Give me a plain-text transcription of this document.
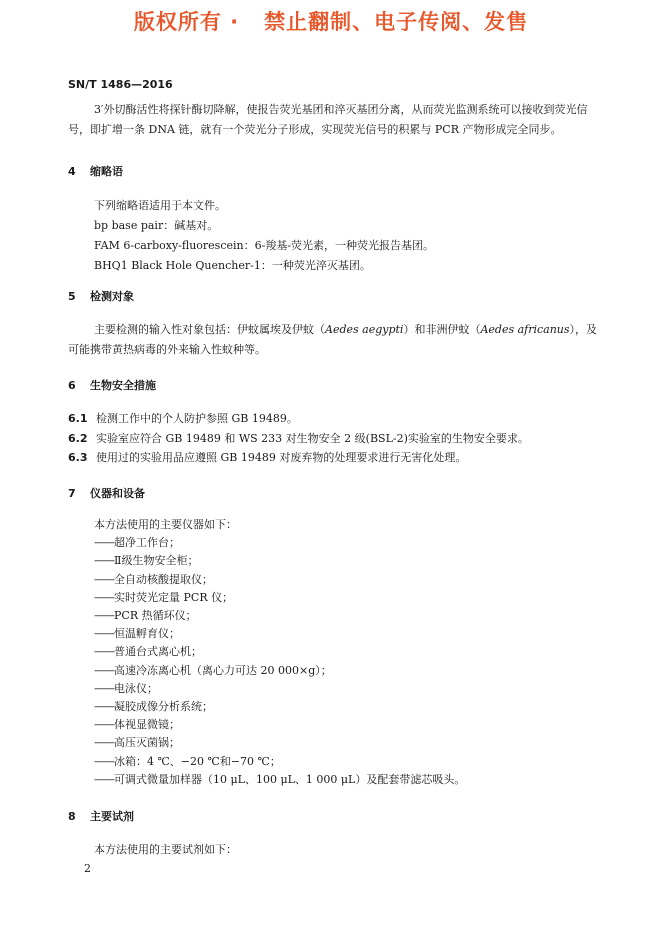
版权所有 ·   禁止翻制、电子传阅、发售
SN/T 1486—2016
3′外切酶活性将探针酶切降解，使报告荧光基团和淬灭基团分离，从而荧光监测系统可以接收到荧光信
号，即扩增一条 DNA 链，就有一个荧光分子形成，实现荧光信号的积累与 PCR 产物形成完全同步。
4 缩略语
下列缩略语适用于本文件。
bp base pair：碱基对。
FAM 6-carboxy-fluorescein：6-羧基-荧光素，一种荧光报告基团。
BHQ1 Black Hole Quencher-1：一种荧光淬灭基团。
5 检测对象
主要检测的输入性对象包括：伊蚊属埃及伊蚊（Aedes aegypti）和非洲伊蚊（Aedes africanus），及
可能携带黄热病毒的外来输入性蚊种等。
6 生物安全措施
6.1 检测工作中的个人防护参照 GB 19489。
6.2 实验室应符合 GB 19489 和 WS 233 对生物安全 2 级(BSL-2)实验室的生物安全要求。
6.3 使用过的实验用品应遵照 GB 19489 对废弃物的处理要求进行无害化处理。
7 仪器和设备
本方法使用的主要仪器如下：
——超净工作台；
——Ⅱ级生物安全柜；
——全自动核酸提取仪；
——实时荧光定量 PCR 仪；
——PCR 热循环仪；
——恒温孵育仪；
——普通台式离心机；
——高速冷冻离心机（离心力可达 20 000×g）；
——电泳仪；
——凝胶成像分析系统；
——体视显微镜；
——高压灭菌锅；
——冰箱：4 ℃、−20 ℃和−70 ℃；
——可调式微量加样器（10 μL、100 μL、1 000 μL）及配套带滤芯吸头。
8 主要试剂
本方法使用的主要试剂如下：
2
